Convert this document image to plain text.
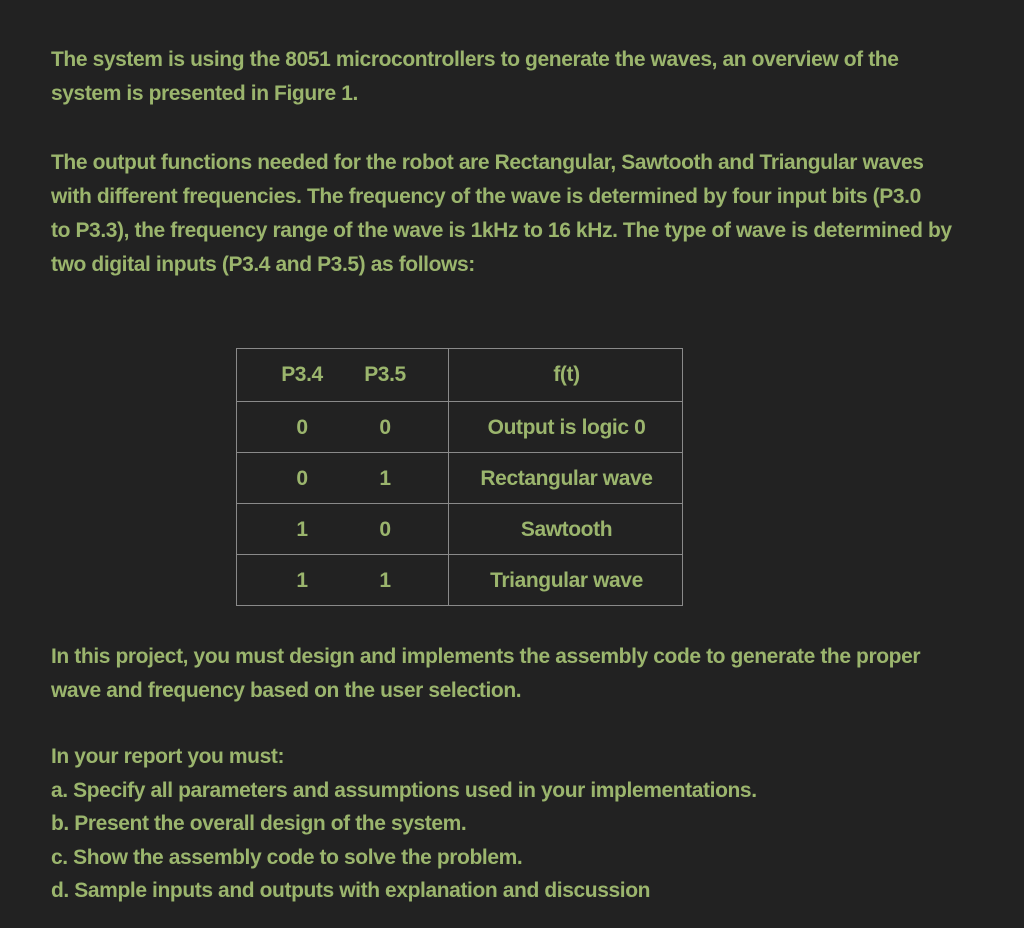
The system is using the 8051 microcontrollers to generate the waves, an overview of the
system is presented in Figure 1.

The output functions needed for the robot are Rectangular, Sawtooth and Triangular waves
with different frequencies. The frequency of the wave is determined by four input bits (P3.0
to P3.3), the frequency range of the wave is 1kHz to 16 kHz. The type of wave is determined by
two digital inputs (P3.4 and P3.5) as follows:

P3.4	P3.5	f(t)
0	0	Output is logic 0
0	1	Rectangular wave
1	0	Sawtooth
1	1	Triangular wave

In this project, you must design and implements the assembly code to generate the proper
wave and frequency based on the user selection.

In your report you must:
a. Specify all parameters and assumptions used in your implementations.
b. Present the overall design of the system.
c. Show the assembly code to solve the problem.
d. Sample inputs and outputs with explanation and discussion
